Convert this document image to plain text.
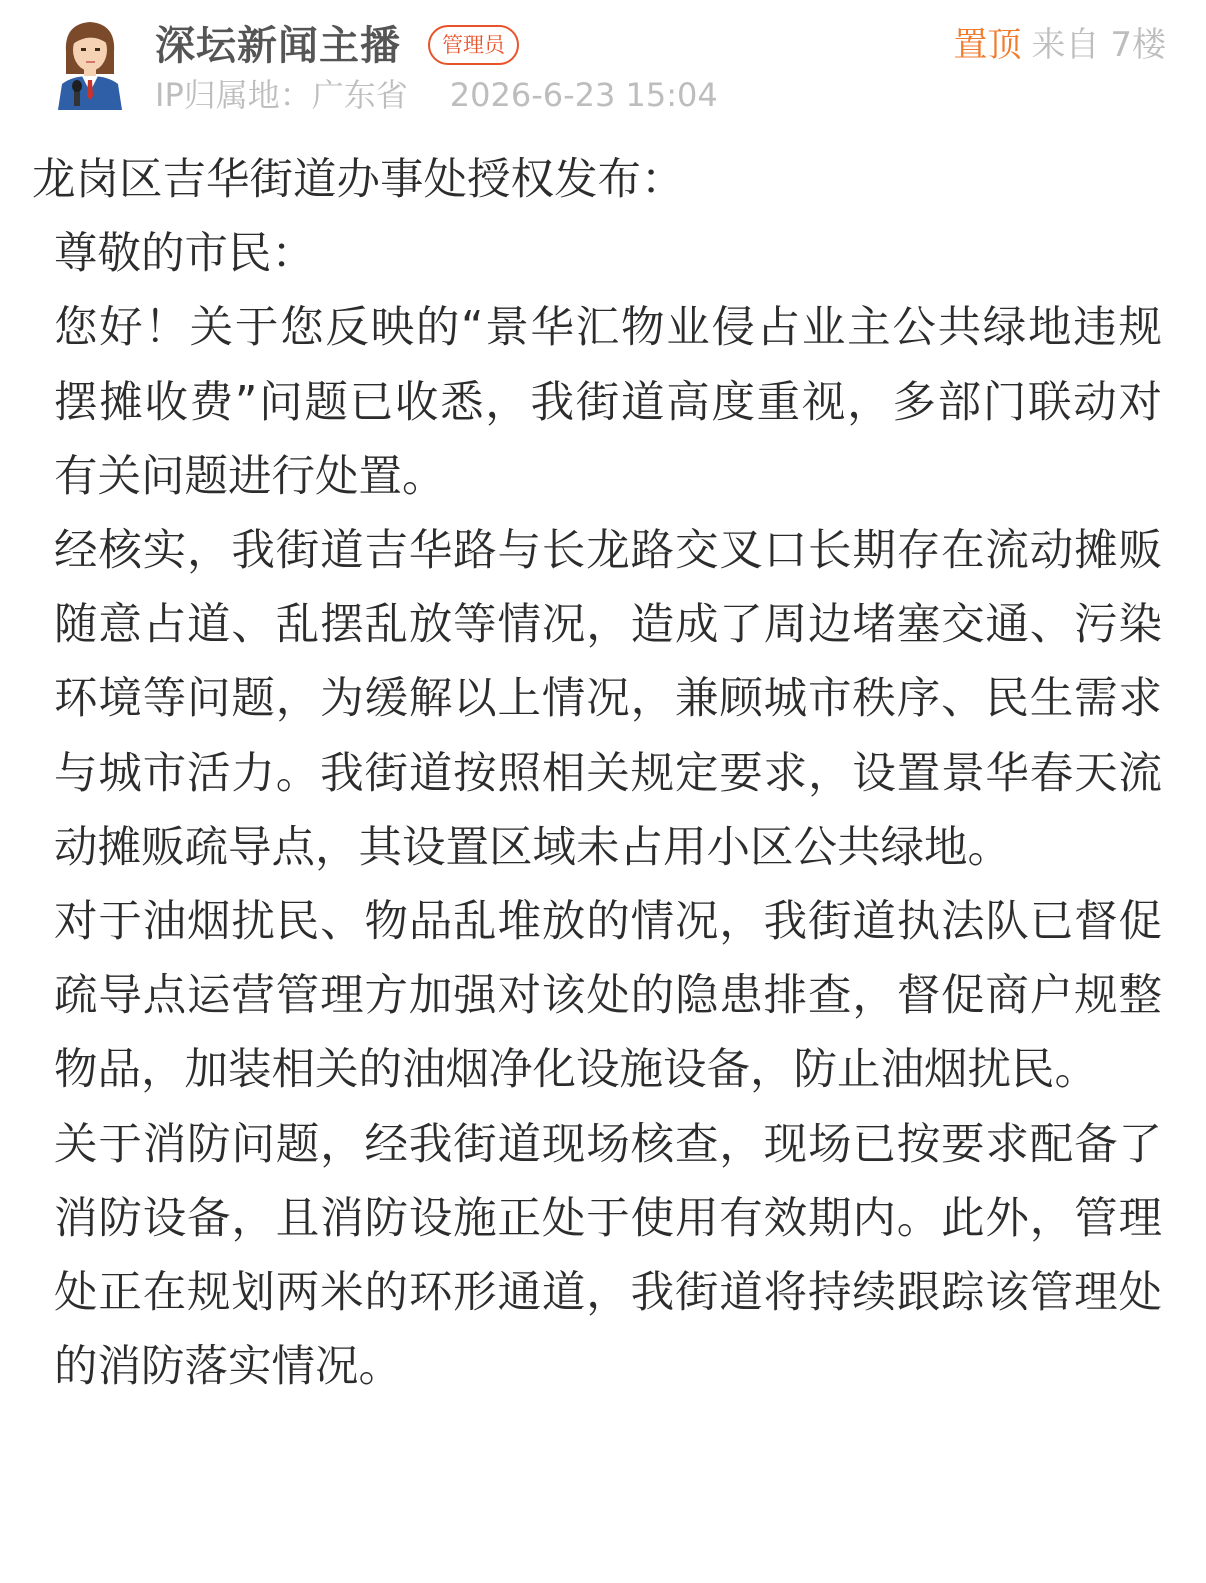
深坛新闻主播	管理员
IP归属地：广东省 2026-6-23 15:04
置顶 来自 7楼

龙岗区吉华街道办事处授权发布：

尊敬的市民：

您好！关于您反映的“景华汇物业侵占业主公共绿地违规摆摊收费”问题已收悉，我街道高度重视，多部门联动对有关问题进行处置。

经核实，我街道吉华路与长龙路交叉口长期存在流动摊贩随意占道、乱摆乱放等情况，造成了周边堵塞交通、污染环境等问题，为缓解以上情况，兼顾城市秩序、民生需求与城市活力。我街道按照相关规定要求，设置景华春天流动摊贩疏导点，其设置区域未占用小区公共绿地。

对于油烟扰民、物品乱堆放的情况，我街道执法队已督促疏导点运营管理方加强对该处的隐患排查，督促商户规整物品，加装相关的油烟净化设施设备，防止油烟扰民。

关于消防问题，经我街道现场核查，现场已按要求配备了消防设备，且消防设施正处于使用有效期内。此外，管理处正在规划两米的环形通道，我街道将持续跟踪该管理处的消防落实情况。
